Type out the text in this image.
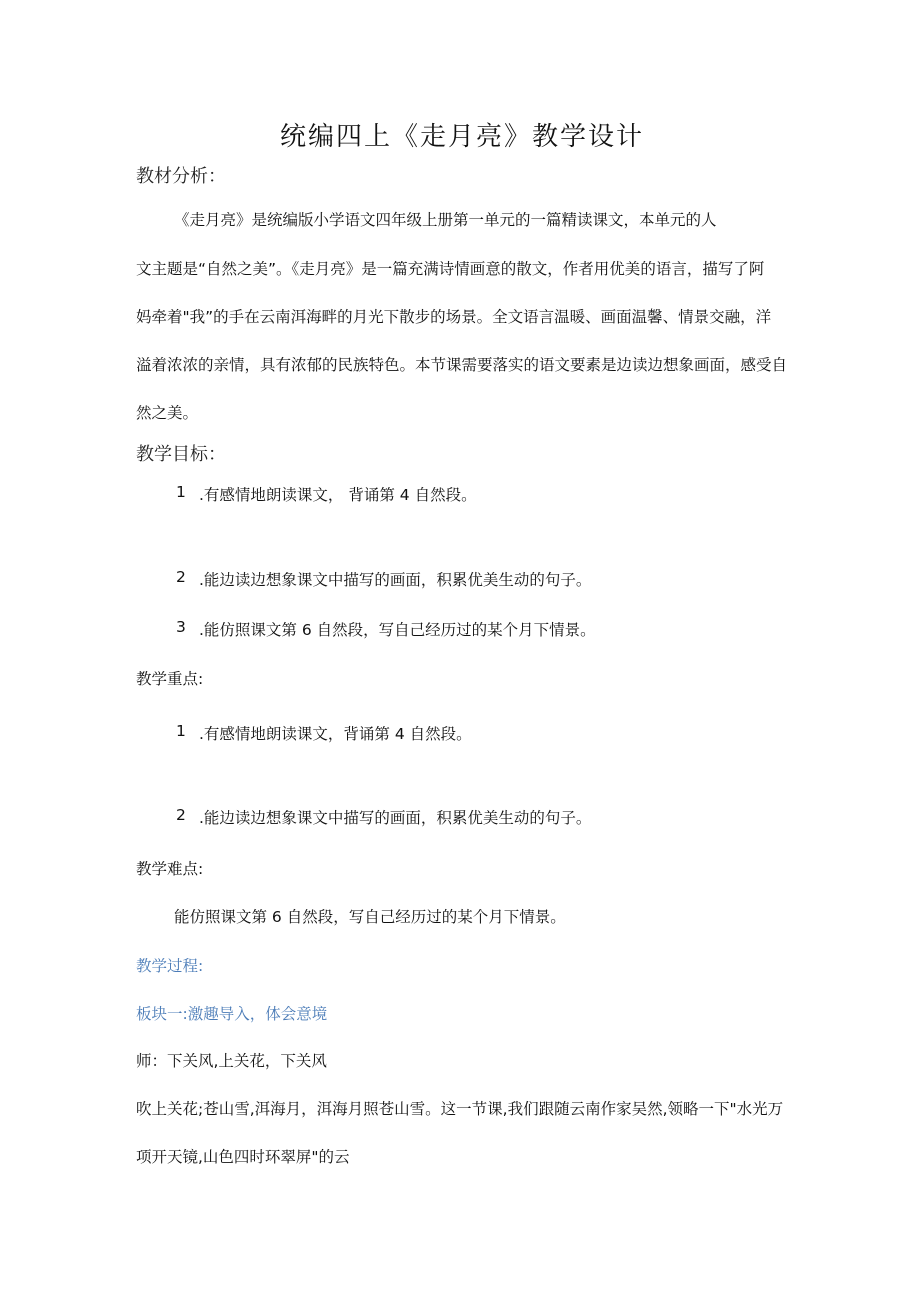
统编四上《走月亮》教学设计
教材分析：
《走月亮》是统编版小学语文四年级上册第一单元的一篇精读课文，本单元的人
文主题是“自然之美”。《走月亮》是一篇充满诗情画意的散文，作者用优美的语言，描写了阿
妈牵着"我”的手在云南洱海畔的月光下散步的场景。全文语言温暖、画面温馨、情景交融，洋
溢着浓浓的亲情，具有浓郁的民族特色。本节课需要落实的语文要素是边读边想象画面，感受自
然之美。
教学目标：
1 .有感情地朗读课文， 背诵第 4 自然段。
2 .能边读边想象课文中描写的画面，积累优美生动的句子。
3 .能仿照课文第 6 自然段，写自己经历过的某个月下情景。
教学重点:
1 .有感情地朗读课文，背诵第 4 自然段。
2 .能边读边想象课文中描写的画面，积累优美生动的句子。
教学难点:
能仿照课文第 6 自然段，写自己经历过的某个月下情景。
教学过程:
板块一:激趣导入，体会意境
师：下关风,上关花，下关风
吹上关花;苍山雪,洱海月，洱海月照苍山雪。这一节课,我们跟随云南作家吴然,领略一下"水光万
项开天镜,山色四时环翠屏"的云
